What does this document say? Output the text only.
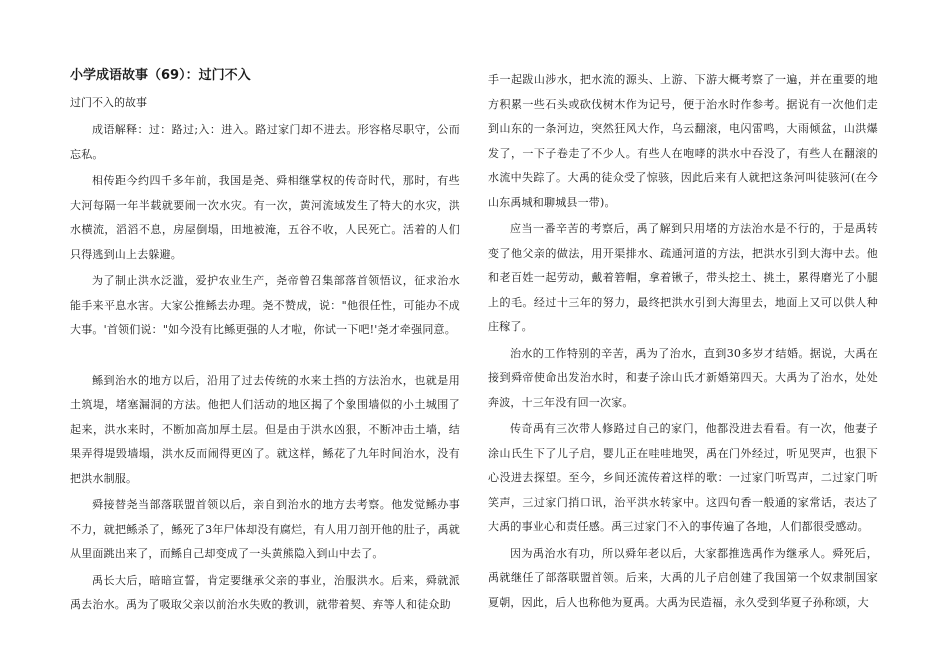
小学成语故事（69）：过门不入
过门不入的故事

成语解释：过：路过;入：进入。路过家门却不进去。形容格尽职守，公而忘私。

相传距今约四千多年前，我国是尧、舜相继掌权的传奇时代，那时，有些大河每隔一年半载就要闹一次水灾。有一次，黄河流域发生了特大的水灾，洪水横流，滔滔不息，房屋倒塌，田地被淹，五谷不收，人民死亡。活着的人们只得逃到山上去躲避。

为了制止洪水泛滥，爱护农业生产，尧帝曾召集部落首领悟议，征求治水能手来平息水害。大家公推鲧去办理。尧不赞成，说："他很任性，可能办不成大事。'首领们说："如今没有比鲧更强的人才啦，你试一下吧!'尧才牵强同意。

鲧到治水的地方以后，沿用了过去传统的水来土挡的方法治水，也就是用土筑堤，堵塞漏洞的方法。他把人们活动的地区揭了个象围墙似的小土城围了起来，洪水来时，不断加高加厚土层。但是由于洪水凶狠，不断冲击土墙，结果弄得堤毁墙塌，洪水反而闹得更凶了。就这样，鲧花了九年时间治水，没有把洪水制服。

舜接替尧当部落联盟首领以后，亲自到治水的地方去考察。他发觉鲧办事不力，就把鲧杀了，鲧死了3年尸体却没有腐烂，有人用刀剖开他的肚子，禹就从里面跳出来了，而鲧自己却变成了一头黄熊隐入到山中去了。

禹长大后，暗暗宣誓，肯定要继承父亲的事业，治服洪水。后来，舜就派禹去治水。禹为了吸取父亲以前治水失败的教训，就带着契、弃等人和徒众助

手一起跋山涉水，把水流的源头、上游、下游大概考察了一遍，并在重要的地方积累一些石头或砍伐树木作为记号，便于治水时作参考。据说有一次他们走到山东的一条河边，突然狂风大作，乌云翻滚，电闪雷鸣，大雨倾盆，山洪爆发了，一下子卷走了不少人。有些人在咆哮的洪水中吞没了，有些人在翻滚的水流中失踪了。大禹的徒众受了惊骇，因此后来有人就把这条河叫徒骇河(在今山东禹城和聊城县一带)。

应当一番辛苦的考察后，禹了解到只用堵的方法治水是不行的，于是禹转变了他父亲的做法，用开渠排水、疏通河道的方法，把洪水引到大海中去。他和老百姓一起劳动，戴着箬帽，拿着锹子，带头挖土、挑土，累得磨光了小腿上的毛。经过十三年的努力，最终把洪水引到大海里去，地面上又可以供人种庄稼了。

治水的工作特别的辛苦，禹为了治水，直到30多岁才结婚。据说，大禹在接到舜帝使命出发治水时，和妻子涂山氏才新婚第四天。大禹为了治水，处处奔波，十三年没有回一次家。

传奇禹有三次带人修路过自己的家门，他都没进去看看。有一次，他妻子涂山氏生下了儿子启，婴儿正在哇哇地哭，禹在门外经过，听见哭声，也狠下心没进去探望。至今，乡间还流传着这样的歌：一过家门听骂声，二过家门听笑声，三过家门捎口讯，治平洪水转家中。这四句香一般通的家常话，表达了大禹的事业心和责任感。禹三过家门不入的事传遍了各地，人们都很受感动。

因为禹治水有功，所以舜年老以后，大家都推选禹作为继承人。舜死后，禹就继任了部落联盟首领。后来，大禹的儿子启创建了我国第一个奴隶制国家夏朝，因此，后人也称他为夏禹。大禹为民造福，永久受到华夏子孙称颂，大
